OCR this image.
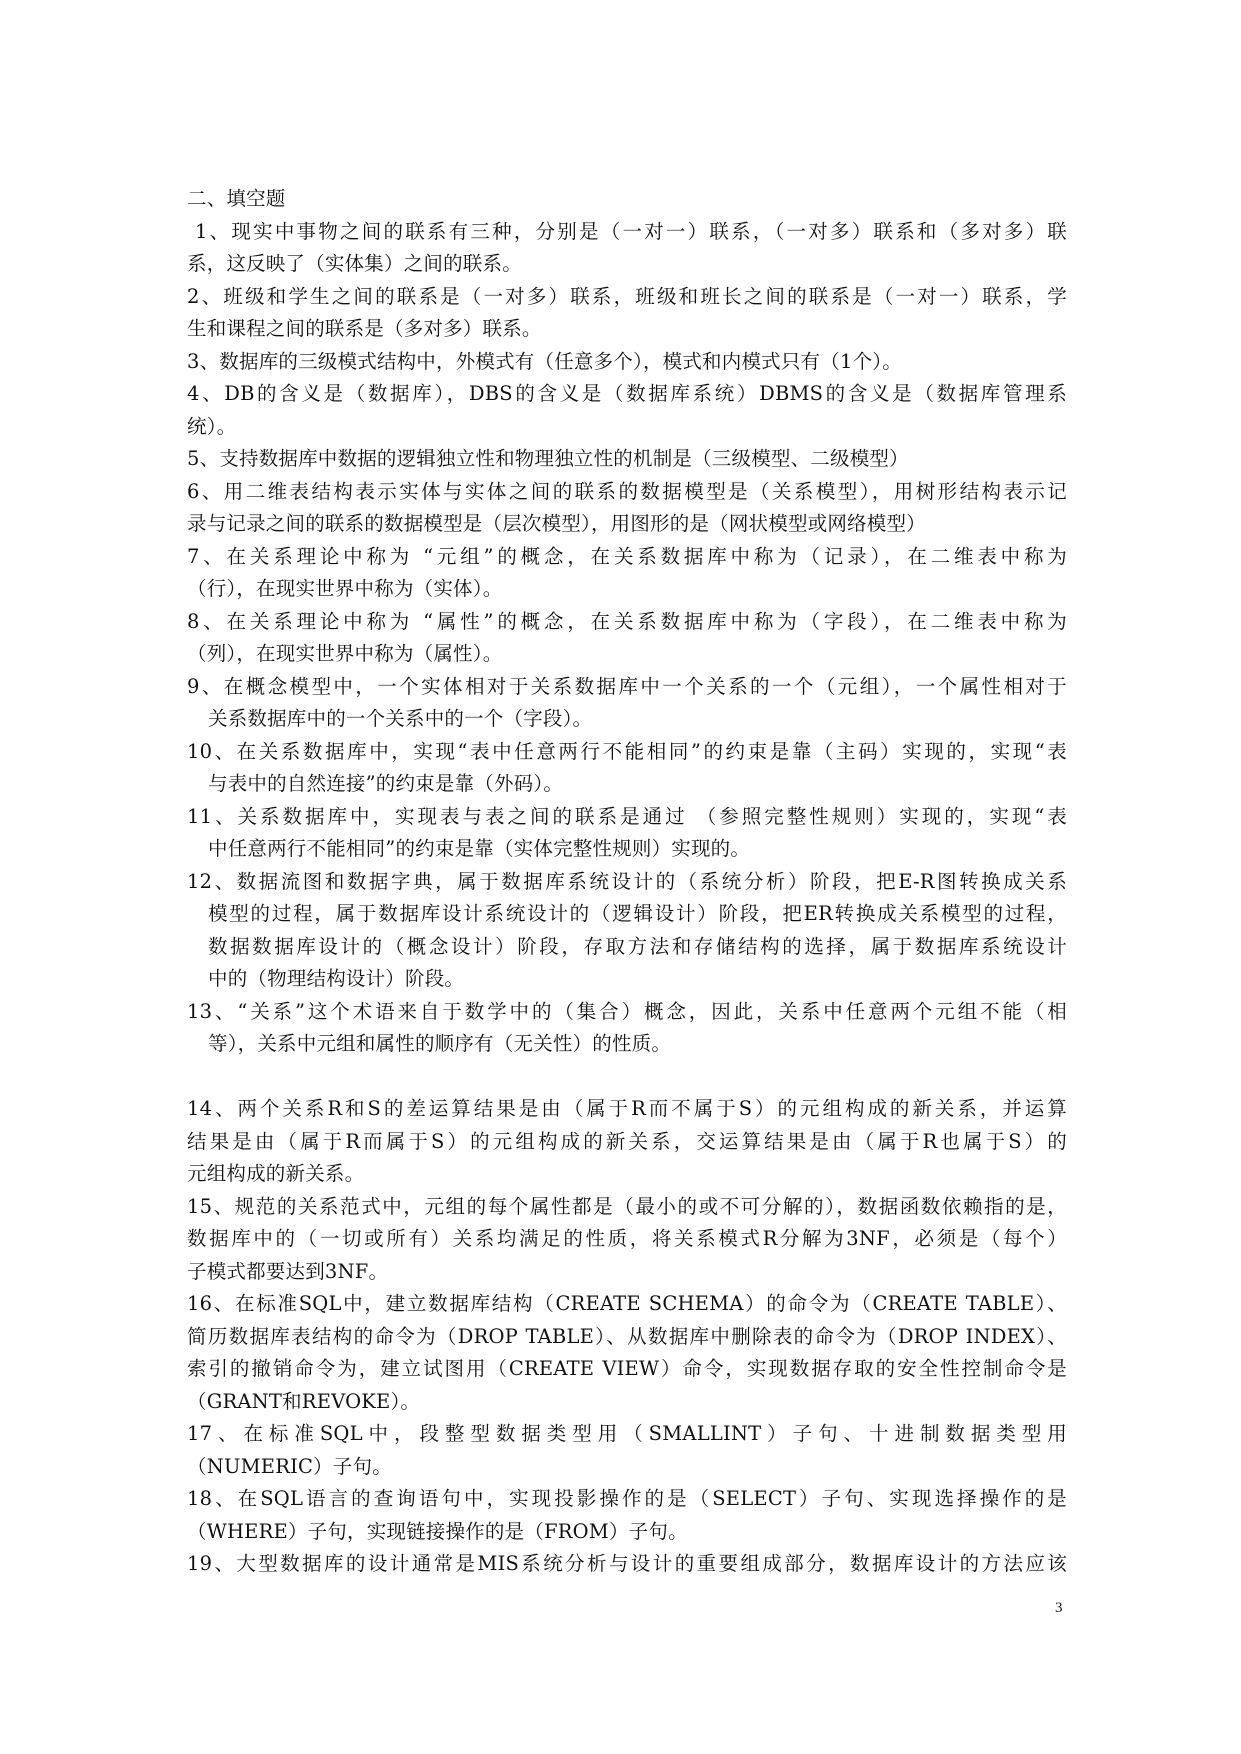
二、填空题
1、现实中事物之间的联系有三种，分别是（一对一）联系，（一对多）联系和（多对多）联
系，这反映了（实体集）之间的联系。
2、班级和学生之间的联系是（一对多）联系，班级和班长之间的联系是（一对一）联系，学
生和课程之间的联系是（多对多）联系。
3、数据库的三级模式结构中，外模式有（任意多个），模式和内模式只有（1个）。
4、DB的含义是（数据库），DBS的含义是（数据库系统）DBMS的含义是（数据库管理系
统）。
5、支持数据库中数据的逻辑独立性和物理独立性的机制是（三级模型、二级模型）
6、用二维表结构表示实体与实体之间的联系的数据模型是（关系模型），用树形结构表示记
录与记录之间的联系的数据模型是（层次模型），用图形的是（网状模型或网络模型）
7、在关系理论中称为 “元组”的概念，在关系数据库中称为（记录），在二维表中称为
（行），在现实世界中称为（实体）。
8、在关系理论中称为 “属性”的概念，在关系数据库中称为（字段），在二维表中称为
（列），在现实世界中称为（属性）。
9、在概念模型中，一个实体相对于关系数据库中一个关系的一个（元组），一个属性相对于
关系数据库中的一个关系中的一个（字段）。
10、在关系数据库中，实现“表中任意两行不能相同”的约束是靠（主码）实现的，实现“表
与表中的自然连接”的约束是靠（外码）。
11、关系数据库中，实现表与表之间的联系是通过 （参照完整性规则）实现的，实现“表
中任意两行不能相同”的约束是靠（实体完整性规则）实现的。
12、数据流图和数据字典，属于数据库系统设计的（系统分析）阶段，把E-R图转换成关系
模型的过程，属于数据库设计系统设计的（逻辑设计）阶段，把ER转换成关系模型的过程，
数据数据库设计的（概念设计）阶段，存取方法和存储结构的选择，属于数据库系统设计
中的（物理结构设计）阶段。
13、“关系”这个术语来自于数学中的（集合）概念，因此，关系中任意两个元组不能（相
等），关系中元组和属性的顺序有（无关性）的性质。
14、两个关系R和S的差运算结果是由（属于R而不属于S）的元组构成的新关系，并运算
结果是由（属于R而属于S）的元组构成的新关系，交运算结果是由（属于R也属于S）的
元组构成的新关系。
15、规范的关系范式中，元组的每个属性都是（最小的或不可分解的），数据函数依赖指的是，
数据库中的（一切或所有）关系均满足的性质，将关系模式R分解为3NF，必须是（每个）
子模式都要达到3NF。
16、在标准SQL中，建立数据库结构（CREATE SCHEMA）的命令为（CREATE TABLE）、
简历数据库表结构的命令为（DROP TABLE）、从数据库中删除表的命令为（DROP INDEX）、
索引的撤销命令为，建立试图用（CREATE VIEW）命令，实现数据存取的安全性控制命令是
（GRANT和REVOKE）。
17、在标准SQL中，段整型数据类型用（SMALLINT）子句、十进制数据类型用
（NUMERIC）子句。
18、在SQL语言的查询语句中，实现投影操作的是（SELECT）子句、实现选择操作的是
（WHERE）子句，实现链接操作的是（FROM）子句。
19、大型数据库的设计通常是MIS系统分析与设计的重要组成部分，数据库设计的方法应该
3
